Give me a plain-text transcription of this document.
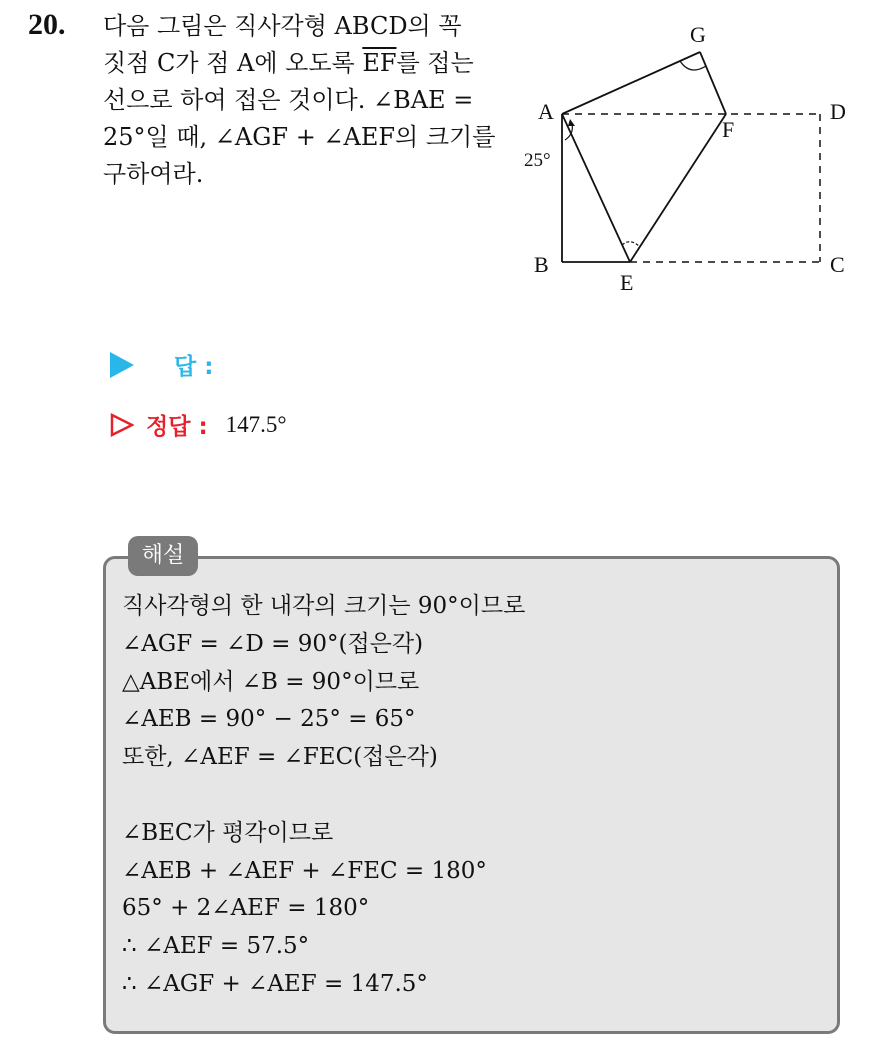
20. 다음 그림은 직사각형 ABCD의 꼭
짓점 C가 점 A에 오도록 $\overline{EF}$를 접는
선으로 하여 접은 것이다. ∠BAE =
25°일 때, ∠AGF + ∠AEF의 크기를
구하여라.
A
B	C
D
E
F
G
25°
답 :
정답 : 147.5°
해설
직사각형의 한 내각의 크기는 90°이므로
∠AGF = ∠D = 90°(접은각)
△ABE에서 ∠B = 90°이므로
∠AEB = 90° − 25° = 65°
또한, ∠AEF = ∠FEC(접은각)
∠BEC가 평각이므로
∠AEB + ∠AEF + ∠FEC = 180°
65° + 2∠AEF = 180°
∴ ∠AEF = 57.5°
∴ ∠AGF + ∠AEF = 147.5°
